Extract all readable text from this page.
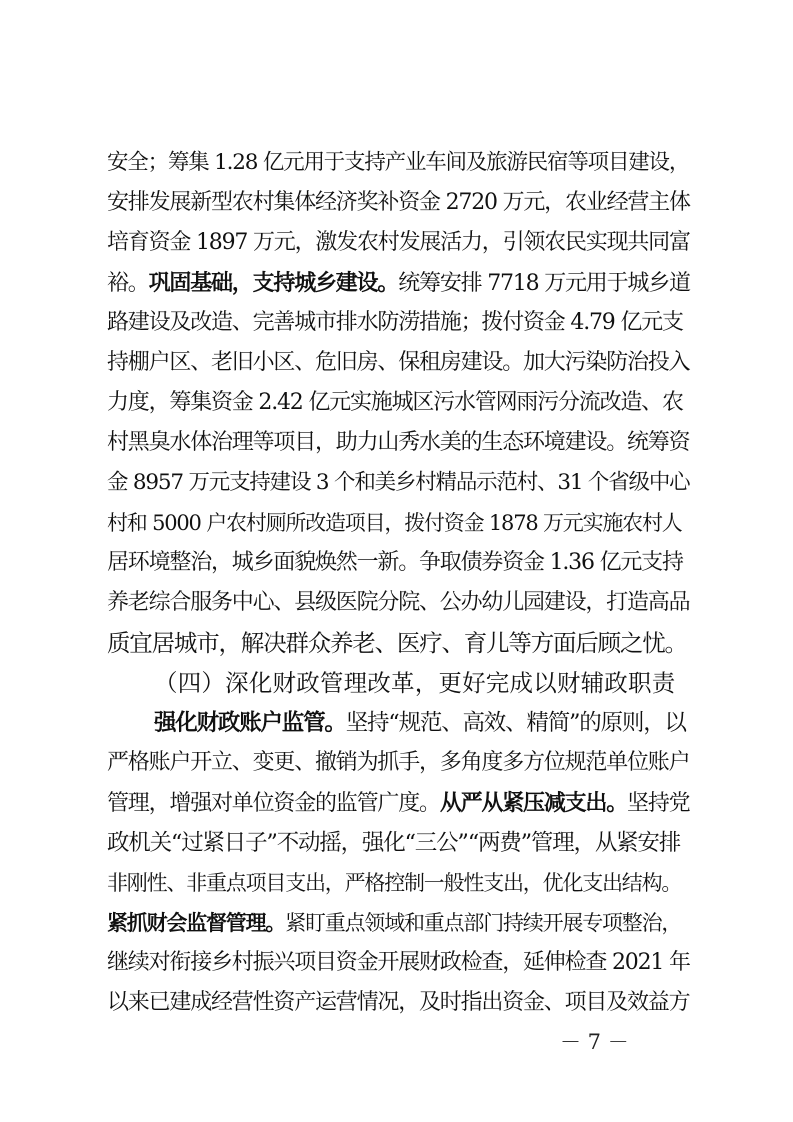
安全；筹集 1.28 亿元用于支持产业车间及旅游民宿等项目建设，
安排发展新型农村集体经济奖补资金 2720 万元，农业经营主体
培育资金 1897 万元，激发农村发展活力，引领农民实现共同富
裕。巩固基础，支持城乡建设。统筹安排 7718 万元用于城乡道
路建设及改造、完善城市排水防涝措施；拨付资金 4.79 亿元支
持棚户区、老旧小区、危旧房、保租房建设。加大污染防治投入
力度，筹集资金 2.42 亿元实施城区污水管网雨污分流改造、农
村黑臭水体治理等项目，助力山秀水美的生态环境建设。统筹资
金 8957 万元支持建设 3 个和美乡村精品示范村、31 个省级中心
村和 5000 户农村厕所改造项目，拨付资金 1878 万元实施农村人
居环境整治，城乡面貌焕然一新。争取债券资金 1.36 亿元支持
养老综合服务中心、县级医院分院、公办幼儿园建设，打造高品
质宜居城市，解决群众养老、医疗、育儿等方面后顾之忧。
（四）深化财政管理改革，更好完成以财辅政职责
强化财政账户监管。坚持“规范、高效、精简”的原则，以
严格账户开立、变更、撤销为抓手，多角度多方位规范单位账户
管理，增强对单位资金的监管广度。从严从紧压减支出。坚持党
政机关“过紧日子”不动摇，强化“三公”“两费”管理，从紧安排
非刚性、非重点项目支出，严格控制一般性支出，优化支出结构。
紧抓财会监督管理。紧盯重点领域和重点部门持续开展专项整治，
继续对衔接乡村振兴项目资金开展财政检查，延伸检查 2021 年
以来已建成经营性资产运营情况，及时指出资金、项目及效益方
－ 7 －
